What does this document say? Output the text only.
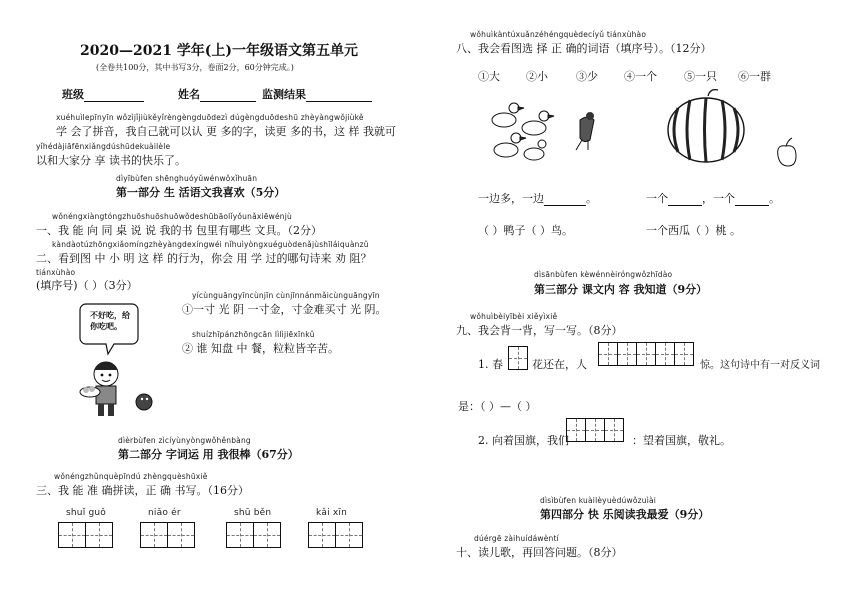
2020—2021 学年(上)一年级语文第五单元
(全卷共100分，其中书写3分，卷面2分，60分钟完成。)
班级	姓名	监测结果
xuéhuìlepīnyīn wǒzìjǐjiùkěyǐrèngèngduōdezì dúgèngduōdeshū zhèyàngwǒjiùkě
学 会了拼音，我自己就可以认 更 多的字，读更 多的书，这 样 我就可
yǐhédàjiāfēnxiǎngdúshūdekuàilèle
以和大家分 享 读书的快乐了。
dìyībùfen shēnghuóyǔwénwǒxǐhuān
第一部分 生 活语文我喜欢（5分）
wǒnéngxiàngtóngzhuōshuōshuōwǒdeshūbāolǐyǒunǎxiēwénjù
一、我 能 向 同 桌 说 说 我的书 包里有哪些 文具。（2分）
kàndàotúzhōngxiǎomíngzhèyàngdexíngwéi nǐhuìyòngxuéguòdenǎjùshīláiquànzǔ
二、看到图 中 小 明 这 样 的行为，你会 用 学 过的哪句诗来 劝 阻？
tiánxùhào
(填序号)（ ）（3分）
不好吃，给你吃吧。
yícùnguāngyīncùnjīn cùnjīnnánmǎicùnguāngyīn
①一寸 光 阴 一寸金，寸金难买寸 光 阴。
shuízhīpánzhōngcān lìlìjiēxīnkǔ
② 谁 知盘 中 餐，粒粒皆辛苦。
dìèrbùfen zìcíyùnyòngwǒhěnbàng
第二部分 字词运 用 我很棒（67分）
wǒnéngzhǔnquèpīndú zhèngquèshūxiě
三、我 能 准 确拼读，正 确 书写。（16分）
shuǐ guǒ	niǎo ér	shū běn	kǎi xīn
wǒhuìkàntúxuǎnzéhéngquèdecíyǔ tiánxùhào
八、我会看图选 择 正 确的词语（填序号）。（12分）
①大 ②小	③少 ④一个 ⑤一只 ⑥一群
一边多，一边	。	一个	，一个	。
（ ）鸭子（ ）鸟。	一个西瓜（ ）桃 。
dìsānbùfen kèwénnèiróngwǒzhīdào
第三部分 课文内 容 我知道（9分）
wǒhuìbèiyībèi xiěyìxiě
九、我会背一背，写一写。（8分）
1. 春	花还在，人	惊。这句诗中有一对反义词
是：（ ）—（ ）
2. 向着国旗，我们	：望着国旗，敬礼。
dìsìbùfen kuàilèyuèdúwǒzuìài
第四部分 快 乐阅读我最爱（9分）
dúérgē zàihuídáwèntí
十、读儿歌，再回答问题。（8分）
